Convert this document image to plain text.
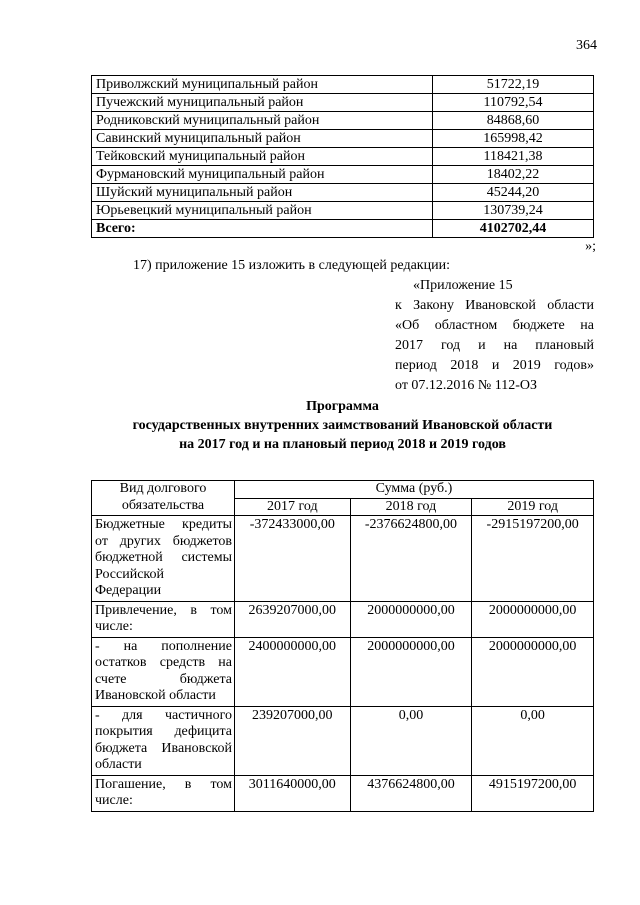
364
Приволжский муниципальный район	51722,19
Пучежский муниципальный район	110792,54
Родниковский муниципальный район	84868,60
Савинский муниципальный район	165998,42
Тейковский муниципальный район	118421,38
Фурмановский муниципальный район	18402,22
Шуйский муниципальный район	45244,20
Юрьевецкий муниципальный район	130739,24
Всего:	4102702,44
»;
17) приложение 15 изложить в следующей редакции:
«Приложение 15
к Закону Ивановской области
«Об областном бюджете на
2017 год и на плановый
период 2018 и 2019 годов»
от 07.12.2016 № 112-ОЗ
Программа
государственных внутренних заимствований Ивановской области
на 2017 год и на плановый период 2018 и 2019 годов
Вид долгового обязательства	Сумма (руб.)		
	2017 год	2018 год	2019 год
Бюджетные кредиты от других бюджетов бюджетной системы Российской Федерации	-372433000,00	-2376624800,00	-2915197200,00
Привлечение, в том числе:	2639207000,00	2000000000,00	2000000000,00
- на пополнение остатков средств на счете бюджета Ивановской области	2400000000,00	2000000000,00	2000000000,00
- для частичного покрытия дефицита бюджета Ивановской области	239207000,00	0,00	0,00
Погашение, в том числе:	3011640000,00	4376624800,00	4915197200,00
